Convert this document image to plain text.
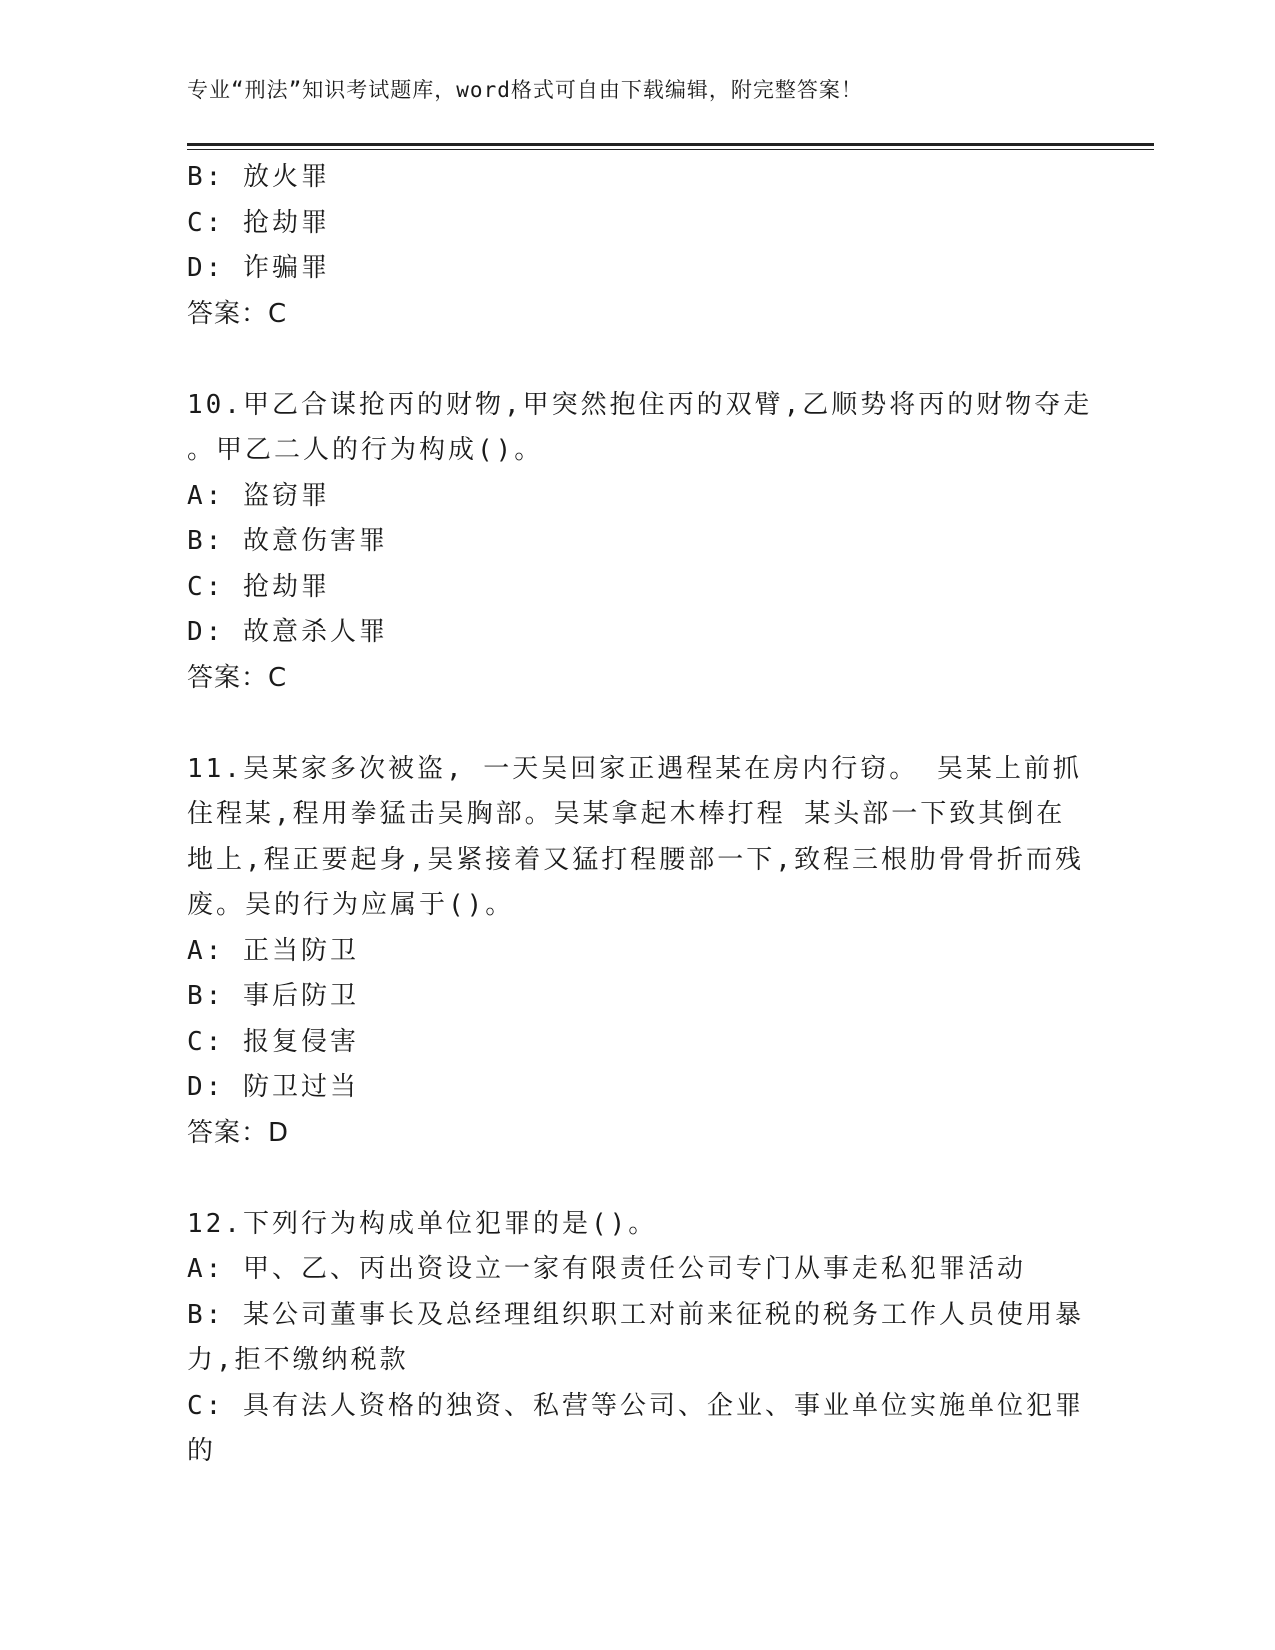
专业“刑法”知识考试题库，word格式可自由下载编辑，附完整答案！

B: 放火罪

C: 抢劫罪

D: 诈骗罪

答案：C

10.甲乙合谋抢丙的财物,甲突然抱住丙的双臂,乙顺势将丙的财物夺走

。甲乙二人的行为构成()。

A: 盗窃罪

B: 故意伤害罪

C: 抢劫罪

D: 故意杀人罪

答案：C

11.吴某家多次被盗, 一天吴回家正遇程某在房内行窃。 吴某上前抓

住程某,程用拳猛击吴胸部。吴某拿起木棒打程 某头部一下致其倒在

地上,程正要起身,吴紧接着又猛打程腰部一下,致程三根肋骨骨折而残

废。吴的行为应属于()。

A: 正当防卫

B: 事后防卫

C: 报复侵害

D: 防卫过当

答案：D

12.下列行为构成单位犯罪的是()。

A: 甲、乙、丙出资设立一家有限责任公司专门从事走私犯罪活动

B: 某公司董事长及总经理组织职工对前来征税的税务工作人员使用暴

力,拒不缴纳税款

C: 具有法人资格的独资、私营等公司、企业、事业单位实施单位犯罪

的
